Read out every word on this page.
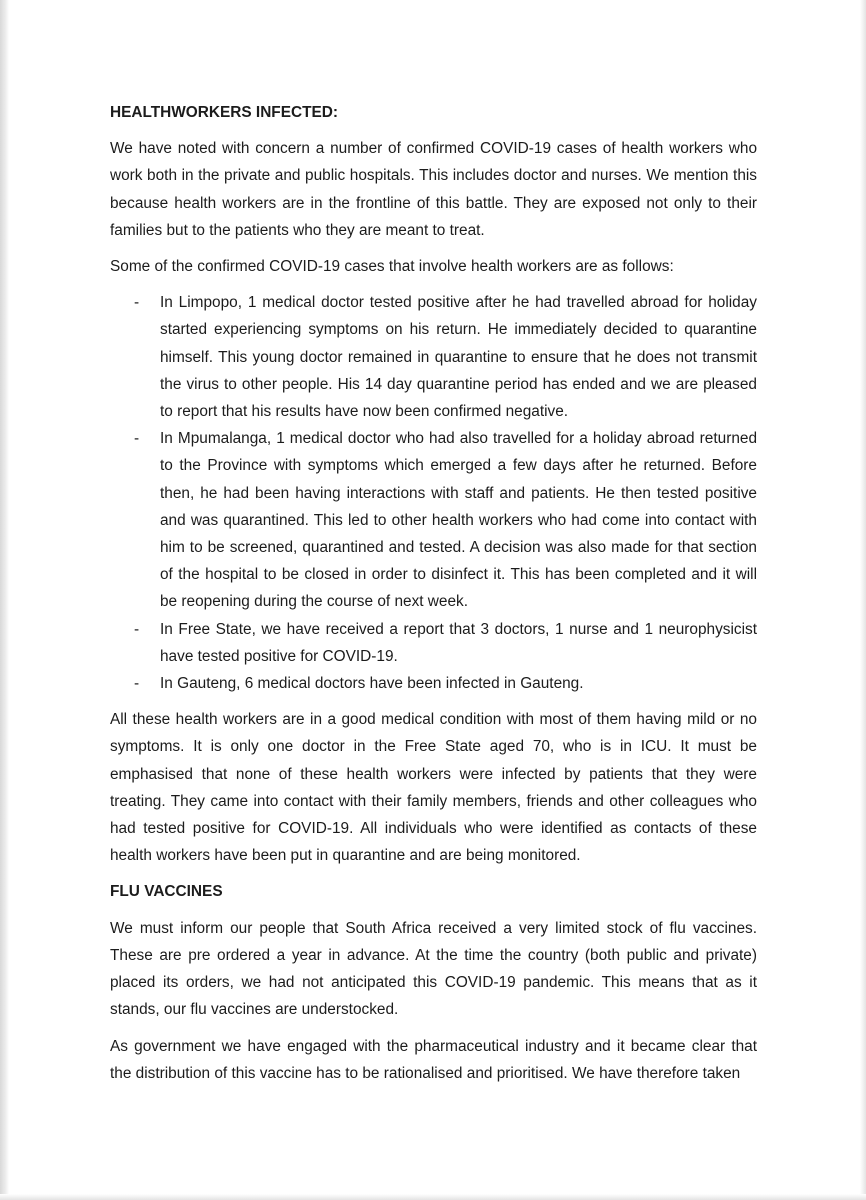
HEALTHWORKERS INFECTED:

We have noted with concern a number of confirmed COVID-19 cases of health workers who work both in the private and public hospitals. This includes doctor and nurses. We mention this because health workers are in the frontline of this battle. They are exposed not only to their families but to the patients who they are meant to treat.

Some of the confirmed COVID-19 cases that involve health workers are as follows:

- In Limpopo, 1 medical doctor tested positive after he had travelled abroad for holiday started experiencing symptoms on his return. He immediately decided to quarantine himself. This young doctor remained in quarantine to ensure that he does not transmit the virus to other people. His 14 day quarantine period has ended and we are pleased to report that his results have now been confirmed negative.
- In Mpumalanga, 1 medical doctor who had also travelled for a holiday abroad returned to the Province with symptoms which emerged a few days after he returned. Before then, he had been having interactions with staff and patients. He then tested positive and was quarantined. This led to other health workers who had come into contact with him to be screened, quarantined and tested. A decision was also made for that section of the hospital to be closed in order to disinfect it. This has been completed and it will be reopening during the course of next week.
- In Free State, we have received a report that 3 doctors, 1 nurse and 1 neurophysicist have tested positive for COVID-19.
- In Gauteng, 6 medical doctors have been infected in Gauteng.

All these health workers are in a good medical condition with most of them having mild or no symptoms. It is only one doctor in the Free State aged 70, who is in ICU. It must be emphasised that none of these health workers were infected by patients that they were treating. They came into contact with their family members, friends and other colleagues who had tested positive for COVID-19. All individuals who were identified as contacts of these health workers have been put in quarantine and are being monitored.

FLU VACCINES

We must inform our people that South Africa received a very limited stock of flu vaccines. These are pre ordered a year in advance. At the time the country (both public and private) placed its orders, we had not anticipated this COVID-19 pandemic. This means that as it stands, our flu vaccines are understocked.

As government we have engaged with the pharmaceutical industry and it became clear that the distribution of this vaccine has to be rationalised and prioritised. We have therefore taken
